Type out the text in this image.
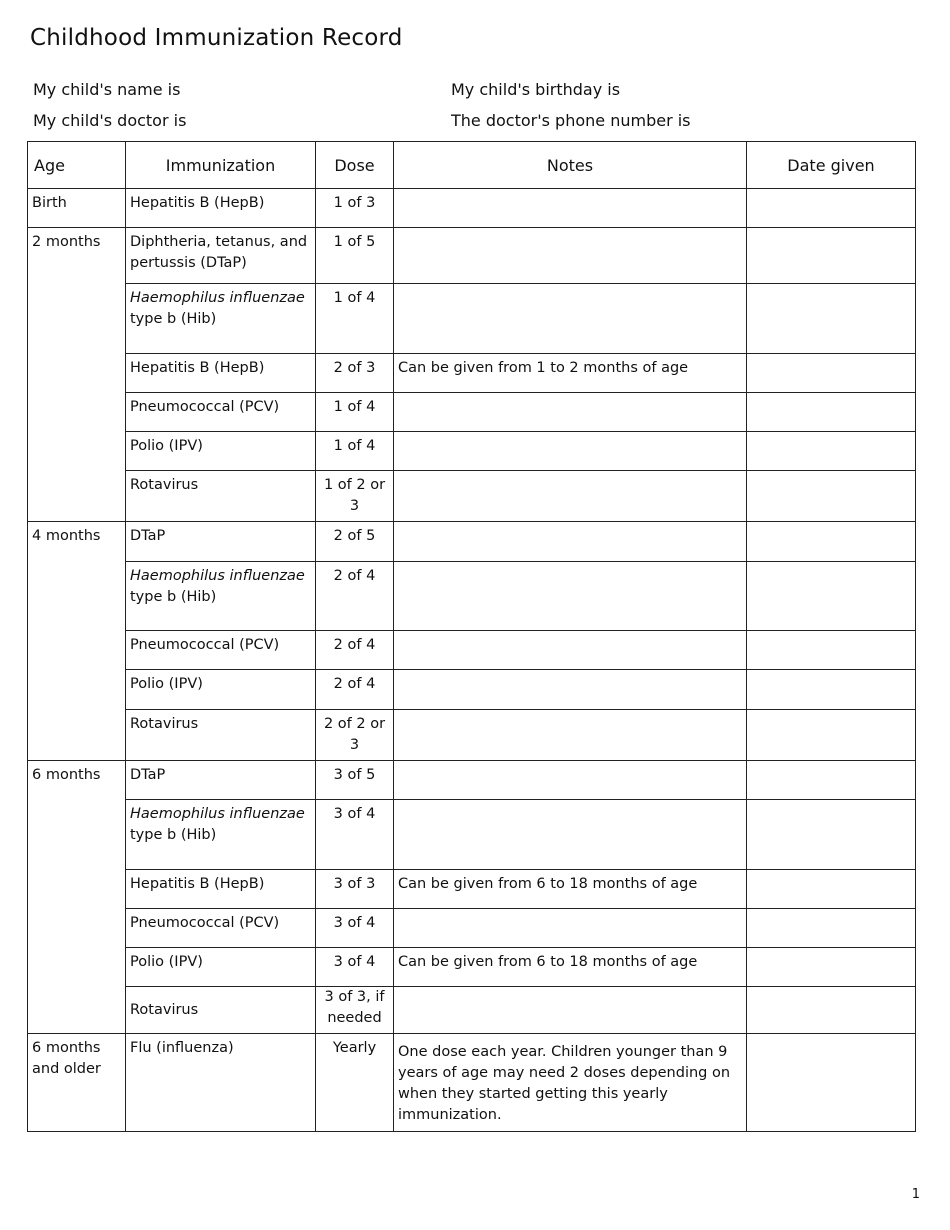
Childhood Immunization Record
My child's name is	My child's birthday is
My child's doctor is	The doctor's phone number is
Age	Immunization	Dose	Notes	Date given
Birth	Hepatitis B (HepB)	1 of 3		
2 months	Diphtheria, tetanus, and pertussis (DTaP)	1 of 5		
	Haemophilus influenzae type b (Hib)	1 of 4		
	Hepatitis B (HepB)	2 of 3	Can be given from 1 to 2 months of age	
	Pneumococcal (PCV)	1 of 4		
	Polio (IPV)	1 of 4		
	Rotavirus	1 of 2 or 3		
4 months	DTaP	2 of 5		
	Haemophilus influenzae type b (Hib)	2 of 4		
	Pneumococcal (PCV)	2 of 4		
	Polio (IPV)	2 of 4		
	Rotavirus	2 of 2 or 3		
6 months	DTaP	3 of 5		
	Haemophilus influenzae type b (Hib)	3 of 4		
	Hepatitis B (HepB)	3 of 3	Can be given from 6 to 18 months of age	
	Pneumococcal (PCV)	3 of 4		
	Polio (IPV)	3 of 4	Can be given from 6 to 18 months of age	
	Rotavirus	3 of 3, if needed		
6 months and older	Flu (influenza)	Yearly	One dose each year. Children younger than 9 years of age may need 2 doses depending on when they started getting this yearly immunization.	
1
